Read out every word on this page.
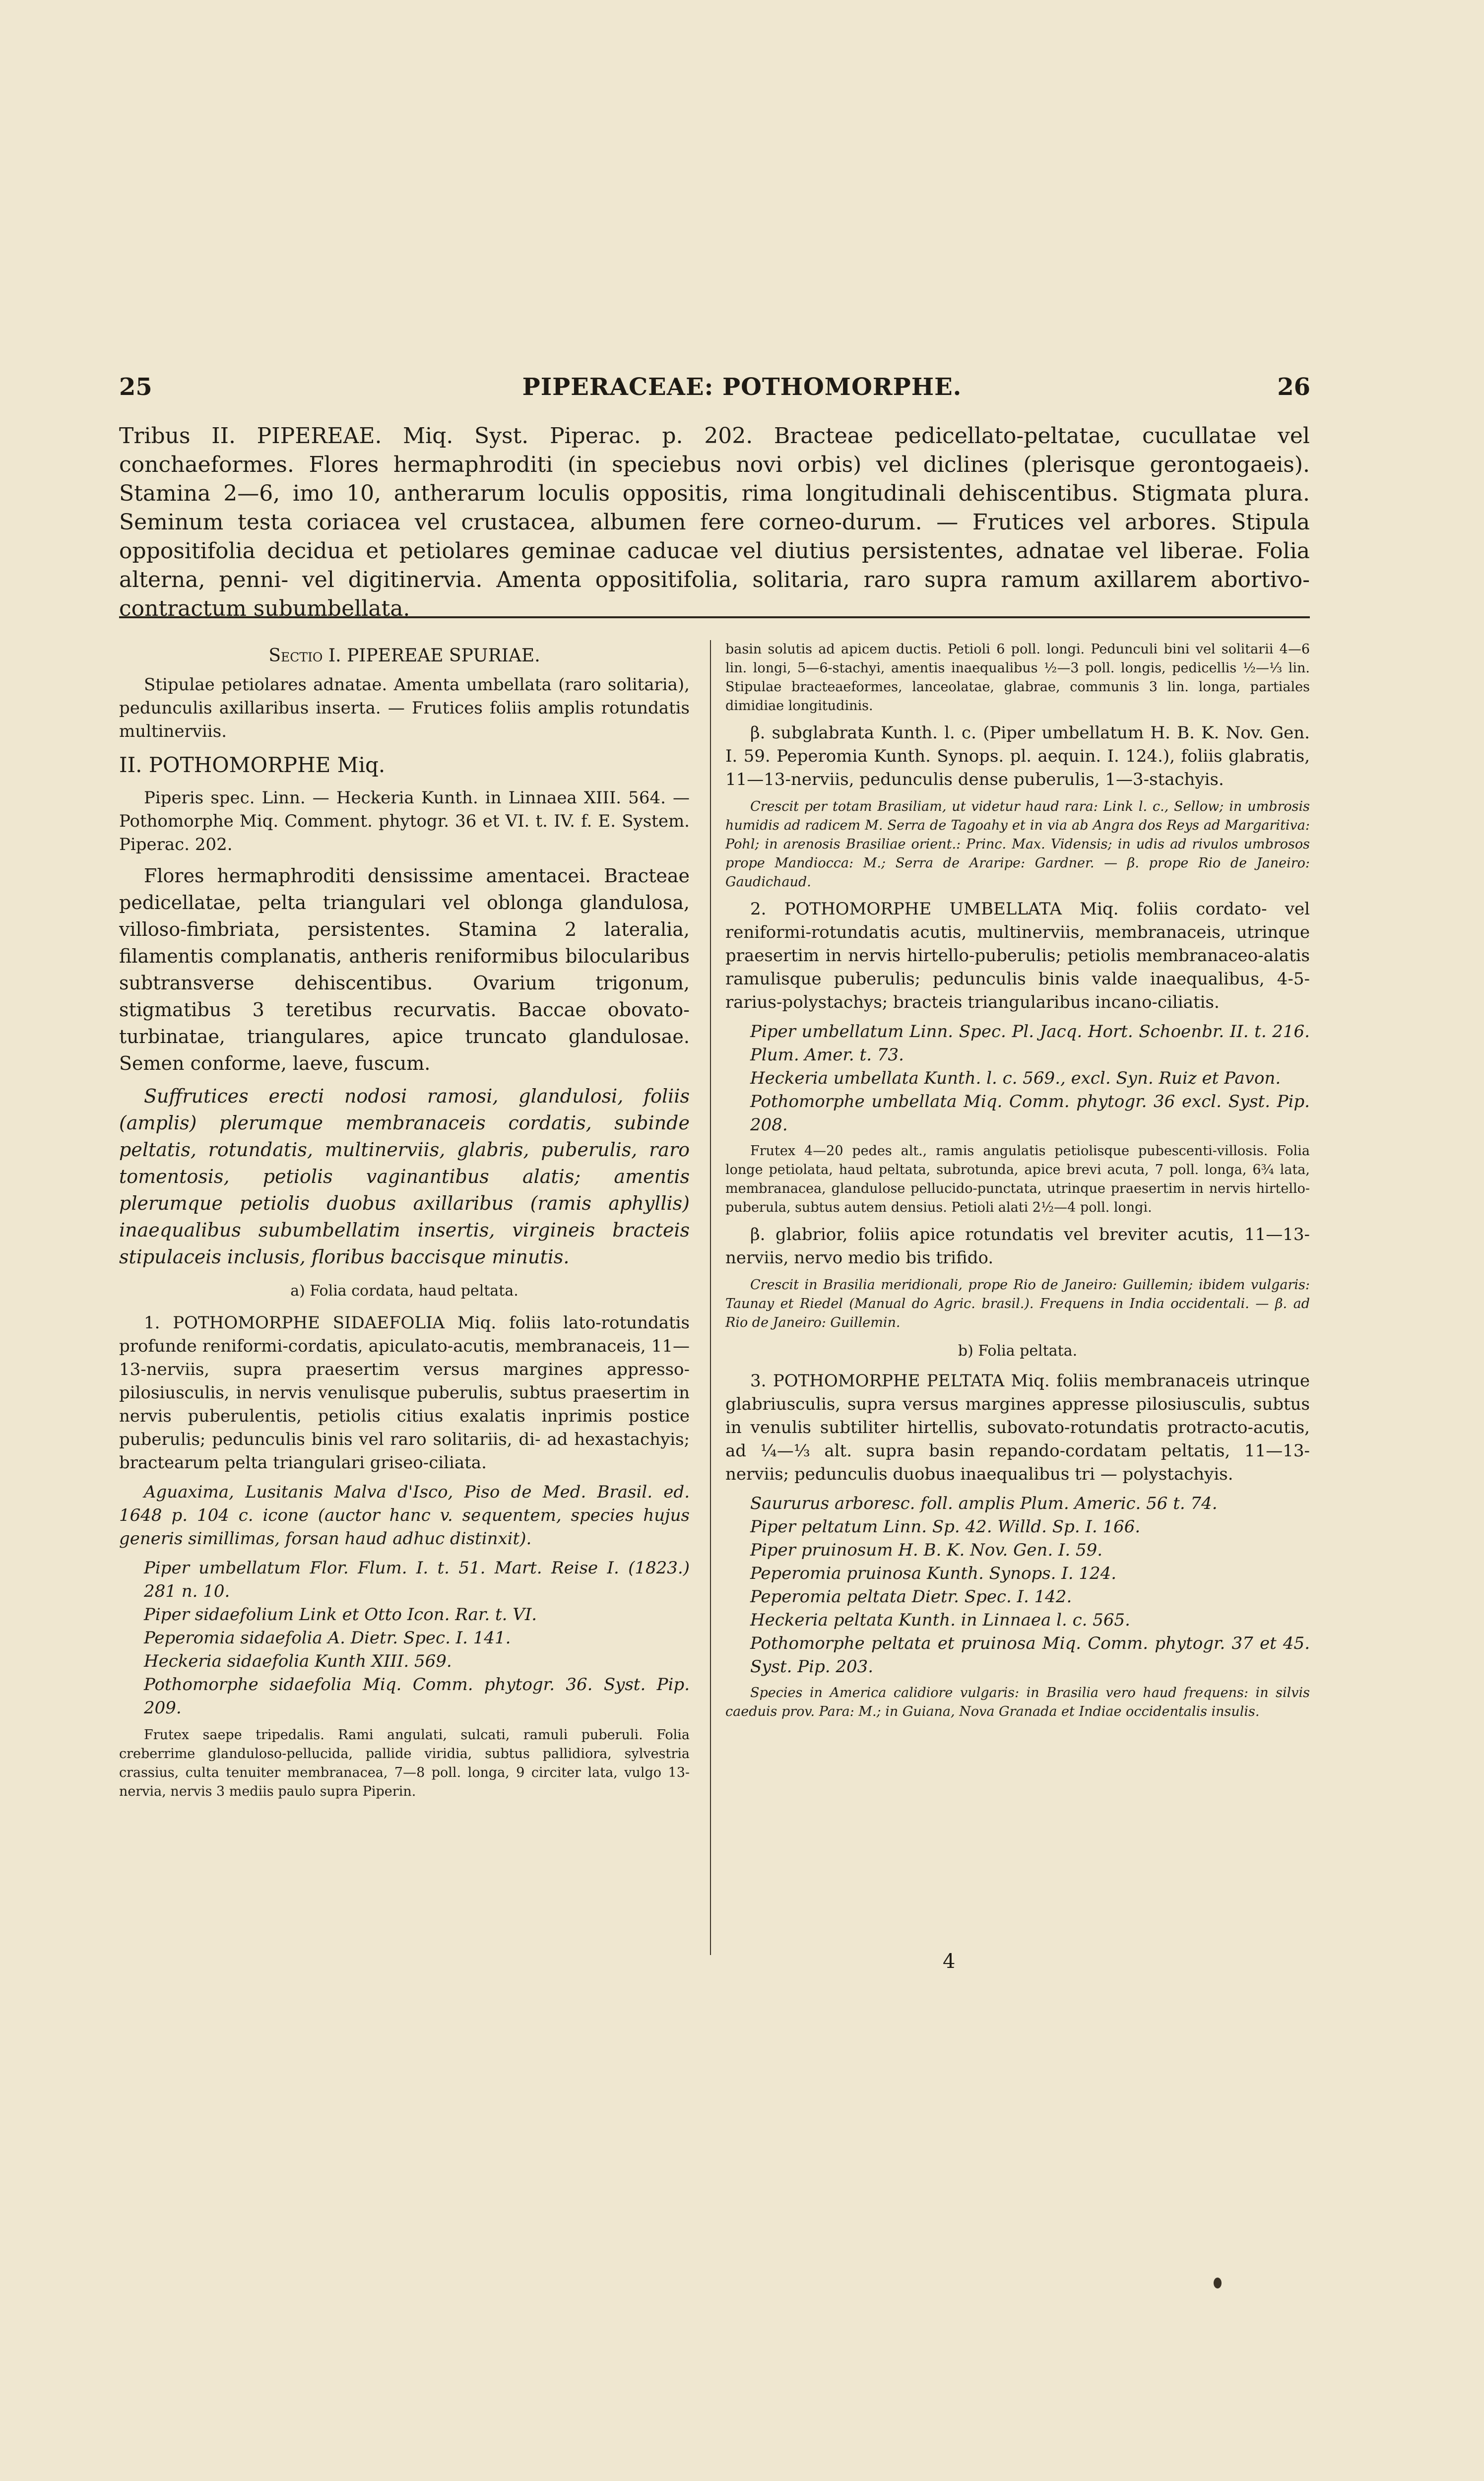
25	PIPERACEAE: POTHOMORPHE.	26

Tribus II. PIPEREAE. Miq. Syst. Piperac. p. 202. Bracteae pedicellato-peltatae, cucullatae vel conchaeformes. Flores hermaphroditi (in speciebus novi orbis) vel diclines (plerisque gerontogaeis). Stamina 2—6, imo 10, antherarum loculis oppositis, rima longitudinali dehiscentibus. Stigmata plura. Seminum testa coriacea vel crustacea, albumen fere corneo-durum. — Frutices vel arbores. Stipula oppositifolia decidua et petiolares geminae caducae vel diutius persistentes, adnatae vel liberae. Folia alterna, penni- vel digitinervia. Amenta oppositifolia, solitaria, raro supra ramum axillarem abortivo-contractum subumbellata.

Sectio I. PIPEREAE SPURIAE.

Stipulae petiolares adnatae. Amenta umbellata (raro solitaria), pedunculis axillaribus inserta. — Frutices foliis amplis rotundatis multinerviis.

II. POTHOMORPHE Miq.

Piperis spec. Linn. — Heckeria Kunth. in Linnaea XIII. 564. — Pothomorphe Miq. Comment. phytogr. 36 et VI. t. IV. f. E. System. Piperac. 202.

Flores hermaphroditi densissime amentacei. Bracteae pedicellatae, pelta triangulari vel oblonga glandulosa, villoso-fimbriata, persistentes. Stamina 2 lateralia, filamentis complanatis, antheris reniformibus bilocularibus subtransverse dehiscentibus. Ovarium trigonum, stigmatibus 3 teretibus recurvatis. Baccae obovato-turbinatae, triangulares, apice truncato glandulosae. Semen conforme, laeve, fuscum.

Suffrutices erecti nodosi ramosi, glandulosi, foliis (amplis) plerumque membranaceis cordatis, subinde peltatis, rotundatis, multinerviis, glabris, puberulis, raro tomentosis, petiolis vaginantibus alatis; amentis plerumque petiolis duobus axillaribus (ramis aphyllis) inaequalibus subumbellatim insertis, virgineis bracteis stipulaceis inclusis, floribus baccisque minutis.

a) Folia cordata, haud peltata.

1. POTHOMORPHE SIDAEFOLIA Miq. foliis lato-rotundatis profunde reniformi-cordatis, apiculato-acutis, membranaceis, 11—13-nerviis, supra praesertim versus margines appresso-pilosiusculis, in nervis venulisque puberulis, subtus praesertim in nervis puberulentis, petiolis citius exalatis inprimis postice puberulis; pedunculis binis vel raro solitariis, di- ad hexastachyis; bractearum pelta triangulari griseo-ciliata.

Aguaxima, Lusitanis Malva d'Isco, Piso de Med. Brasil. ed. 1648 p. 104 c. icone (auctor hanc v. sequentem, species hujus generis simillimas, forsan haud adhuc distinxit).

Piper umbellatum Flor. Flum. I. t. 51. Mart. Reise I. (1823.) 281 n. 10.

Piper sidaefolium Link et Otto Icon. Rar. t. VI.

Peperomia sidaefolia A. Dietr. Spec. I. 141.

Heckeria sidaefolia Kunth XIII. 569.

Pothomorphe sidaefolia Miq. Comm. phytogr. 36. Syst. Pip. 209.

Frutex saepe tripedalis. Rami angulati, sulcati, ramuli puberuli. Folia creberrime glanduloso-pellucida, pallide viridia, subtus pallidiora, sylvestria crassius, culta tenuiter membranacea, 7—8 poll. longa, 9 circiter lata, vulgo 13-nervia, nervis 3 mediis paulo supra Piperin.

basin solutis ad apicem ductis. Petioli 6 poll. longi. Pedunculi bini vel solitarii 4—6 lin. longi, 5—6-stachyi, amentis inaequalibus ½—3 poll. longis, pedicellis ½—⅓ lin. Stipulae bracteaeformes, lanceolatae, glabrae, communis 3 lin. longa, partiales dimidiae longitudinis.

β. subglabrata Kunth. l. c. (Piper umbellatum H. B. K. Nov. Gen. I. 59. Peperomia Kunth. Synops. pl. aequin. I. 124.), foliis glabratis, 11—13-nerviis, pedunculis dense puberulis, 1—3-stachyis.

Crescit per totam Brasiliam, ut videtur haud rara: Link l. c., Sellow; in umbrosis humidis ad radicem M. Serra de Tagoahy et in via ab Angra dos Reys ad Margaritiva: Pohl; in arenosis Brasiliae orient.: Princ. Max. Vidensis; in udis ad rivulos umbrosos prope Mandiocca: M.; Serra de Araripe: Gardner. — β. prope Rio de Janeiro: Gaudichaud.

2. POTHOMORPHE UMBELLATA Miq. foliis cordato- vel reniformi-rotundatis acutis, multinerviis, membranaceis, utrinque praesertim in nervis hirtello-puberulis; petiolis membranaceo-alatis ramulisque puberulis; pedunculis binis valde inaequalibus, 4-5-rarius-polystachys; bracteis triangularibus incano-ciliatis.

Piper umbellatum Linn. Spec. Pl. Jacq. Hort. Schoenbr. II. t. 216. Plum. Amer. t. 73.

Heckeria umbellata Kunth. l. c. 569., excl. Syn. Ruiz et Pavon.

Pothomorphe umbellata Miq. Comm. phytogr. 36 excl. Syst. Pip. 208.

Frutex 4—20 pedes alt., ramis angulatis petiolisque pubescenti-villosis. Folia longe petiolata, haud peltata, subrotunda, apice brevi acuta, 7 poll. longa, 6¾ lata, membranacea, glandulose pellucido-punctata, utrinque praesertim in nervis hirtello-puberula, subtus autem densius. Petioli alati 2½—4 poll. longi.

β. glabrior, foliis apice rotundatis vel breviter acutis, 11—13-nerviis, nervo medio bis trifido.

Crescit in Brasilia meridionali, prope Rio de Janeiro: Guillemin; ibidem vulgaris: Taunay et Riedel (Manual do Agric. brasil.). Frequens in India occidentali. — β. ad Rio de Janeiro: Guillemin.

b) Folia peltata.

3. POTHOMORPHE PELTATA Miq. foliis membranaceis utrinque glabriusculis, supra versus margines appresse pilosiusculis, subtus in venulis subtiliter hirtellis, subovato-rotundatis protracto-acutis, ad ¼—⅓ alt. supra basin repando-cordatam peltatis, 11—13-nerviis; pedunculis duobus inaequalibus tri — polystachyis.

Saururus arboresc. foll. amplis Plum. Americ. 56 t. 74.

Piper peltatum Linn. Sp. 42. Willd. Sp. I. 166.

Piper pruinosum H. B. K. Nov. Gen. I. 59.

Peperomia pruinosa Kunth. Synops. I. 124.

Peperomia peltata Dietr. Spec. I. 142.

Heckeria peltata Kunth. in Linnaea l. c. 565.

Pothomorphe peltata et pruinosa Miq. Comm. phytogr. 37 et 45. Syst. Pip. 203.

Species in America calidiore vulgaris: in Brasilia vero haud frequens: in silvis caeduis prov. Para: M.; in Guiana, Nova Granada et Indiae occidentalis insulis.

4
